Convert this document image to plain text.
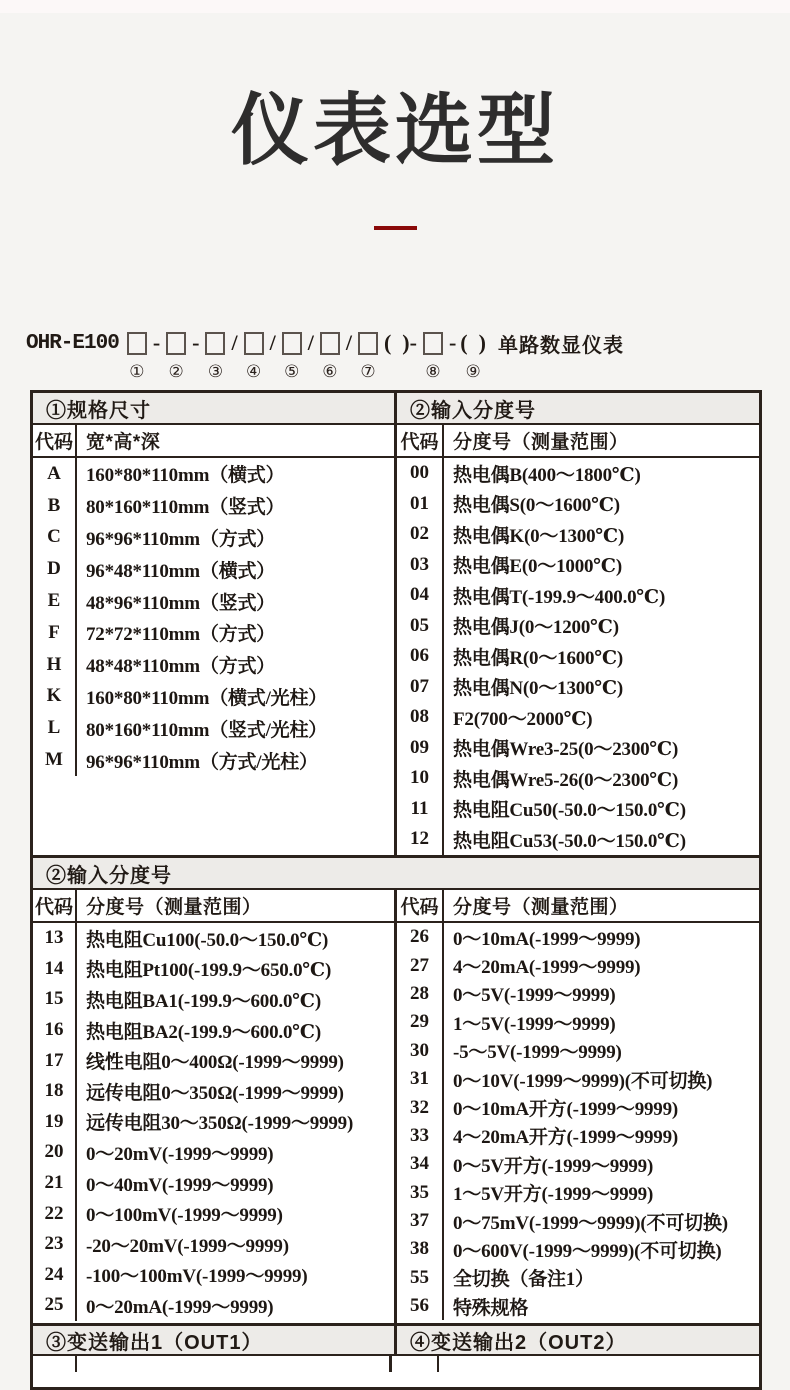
仪表选型
OHR-E100
①
-
②
-
③
/
④
/
⑤
/
⑥
/
⑦
(  )-
⑧
- (  )
⑨
单路数显仪表
①规格尺寸
代码 宽*高*深
A	160*80*110mm（横式）
B	80*160*110mm（竖式）
C	96*96*110mm（方式）
D	96*48*110mm（横式）
E	48*96*110mm（竖式）
F	72*72*110mm（方式）
H	48*48*110mm（方式）
K	160*80*110mm（横式/光柱）
L	80*160*110mm（竖式/光柱）
M	96*96*110mm（方式/光柱）
②输入分度号
代码 分度号（测量范围）
00	热电偶B(400～1800℃)
01	热电偶S(0～1600℃)
02	热电偶K(0～1300℃)
03	热电偶E(0～1000℃)
04	热电偶T(-199.9～400.0℃)
05	热电偶J(0～1200℃)
06	热电偶R(0～1600℃)
07	热电偶N(0～1300℃)
08	F2(700～2000℃)
09	热电偶Wre3-25(0～2300℃)
10	热电偶Wre5-26(0～2300℃)
11	热电阻Cu50(-50.0～150.0℃)
12	热电阻Cu53(-50.0～150.0℃)
②输入分度号
代码 分度号（测量范围）
13	热电阻Cu100(-50.0～150.0℃)
14	热电阻Pt100(-199.9～650.0℃)
15	热电阻BA1(-199.9～600.0℃)
16	热电阻BA2(-199.9～600.0℃)
17	线性电阻0～400Ω(-1999～9999)
18	远传电阻0～350Ω(-1999～9999)
19	远传电阻30～350Ω(-1999～9999)
20	0～20mV(-1999～9999)
21	0～40mV(-1999～9999)
22	0～100mV(-1999～9999)
23	-20～20mV(-1999～9999)
24	-100～100mV(-1999～9999)
25	0～20mA(-1999～9999)
代码 分度号（测量范围）
26	0～10mA(-1999～9999)
27	4～20mA(-1999～9999)
28	0～5V(-1999～9999)
29	1～5V(-1999～9999)
30	-5～5V(-1999～9999)
31	0～10V(-1999～9999)(不可切换)
32	0～10mA开方(-1999～9999)
33	4～20mA开方(-1999～9999)
34	0～5V开方(-1999～9999)
35	1～5V开方(-1999～9999)
37	0～75mV(-1999～9999)(不可切换)
38	0～600V(-1999～9999)(不可切换)
55	全切换（备注1）
56	特殊规格
③变送输出1（OUT1）	④变送输出2（OUT2）
